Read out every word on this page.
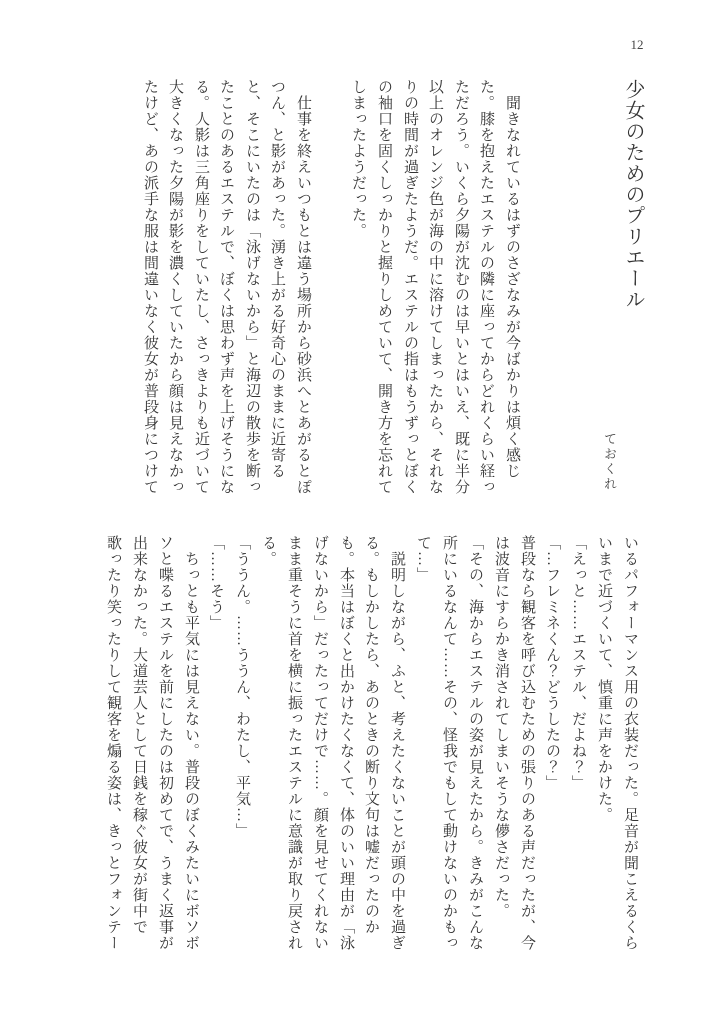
12
少女のためのプリエール
ておくれ
　聞きなれているはずのさざなみが今ばかりは煩く感じ
た。膝を抱えたエステルの隣に座ってからどれくらい経っ
ただろう。いくら夕陽が沈むのは早いとはいえ、既に半分
以上のオレンジ色が海の中に溶けてしまったから、それな
りの時間が過ぎたようだ。エステルの指はもうずっとぼく
の袖口を固くしっかりと握りしめていて、開き方を忘れて
しまったようだった。
　仕事を終えいつもとは違う場所から砂浜へとあがるとぽ
つん、と影があった。湧き上がる好奇心のままに近寄る
と、そこにいたのは「泳げないから」と海辺の散歩を断っ
たことのあるエステルで、ぼくは思わず声を上げそうにな
る。人影は三角座りをしていたし、さっきよりも近づいて
大きくなった夕陽が影を濃くしていたから顔は見えなかっ
たけど、あの派手な服は間違いなく彼女が普段身につけて
いるパフォーマンス用の衣装だった。足音が聞こえるくら
いまで近づくいて、慎重に声をかけた。
「えっと……エステル、だよね？」
「…フレミネくん？どうしたの？」
普段なら観客を呼び込むための張りのある声だったが、今
は波音にすらかき消されてしまいそうな儚さだった。
「その、海からエステルの姿が見えたから。きみがこんな
所にいるなんて……その、怪我でもして動けないのかもっ
て…」
　説明しながら、ふと、考えたくないことが頭の中を過ぎ
る。もしかしたら、あのときの断り文句は嘘だったのか
も。本当はぼくと出かけたくなくて、体のいい理由が「泳
げないから」だったってだけで……。顔を見せてくれない
まま重そうに首を横に振ったエステルに意識が取り戻され
る。
「ううん。……ううん、わたし、平気…」
「……そう」
　ちっとも平気には見えない。普段のぼくみたいにボソボ
ソと喋るエステルを前にしたのは初めてで、うまく返事が
出来なかった。大道芸人として日銭を稼ぐ彼女が街中で
歌ったり笑ったりして観客を煽る姿は、きっとフォンテー
